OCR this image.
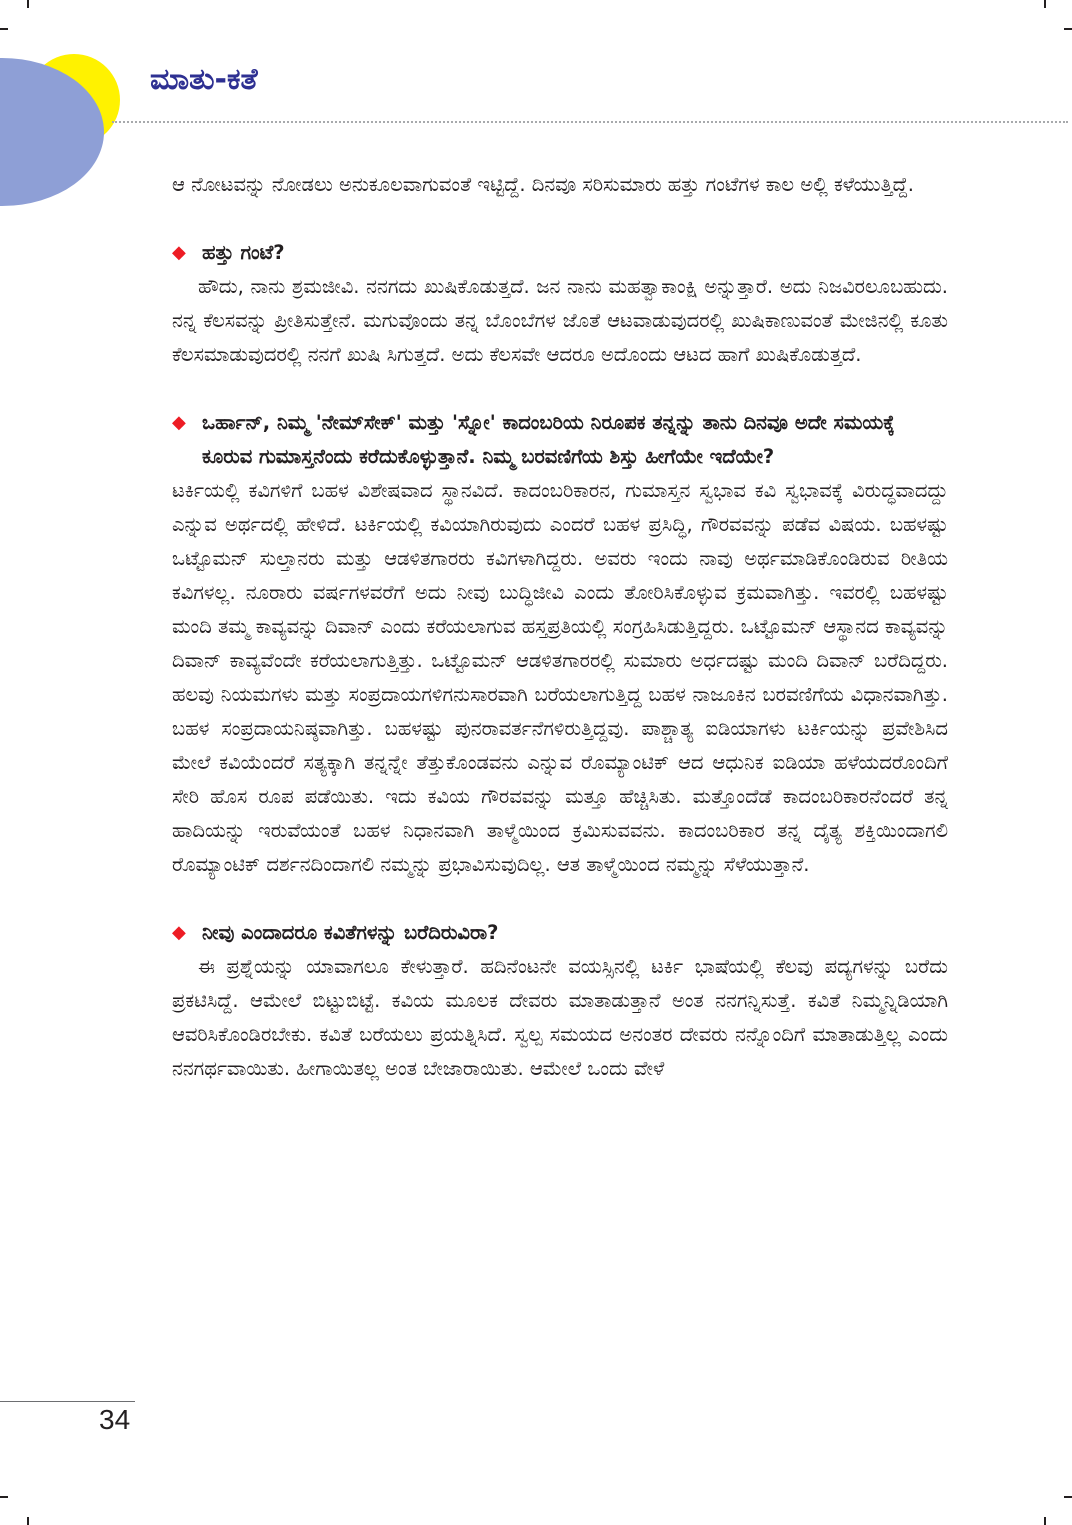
ಮಾತು-ಕತೆ

ಆ ನೋಟವನ್ನು ನೋಡಲು ಅನುಕೂಲವಾಗುವಂತೆ ಇಟ್ಟಿದ್ದೆ. ದಿನವೂ ಸರಿಸುಮಾರು ಹತ್ತು ಗಂಟೆಗಳ ಕಾಲ ಅಲ್ಲಿ ಕಳೆಯುತ್ತಿದ್ದೆ.

◆ ಹತ್ತು ಗಂಟೆ?

ಹೌದು, ನಾನು ಶ್ರಮಜೀವಿ. ನನಗದು ಖುಷಿಕೊಡುತ್ತದೆ. ಜನ ನಾನು ಮಹತ್ವಾಕಾಂಕ್ಷಿ ಅನ್ನುತ್ತಾರೆ. ಅದು ನಿಜವಿರಲೂಬಹುದು. ನನ್ನ ಕೆಲಸವನ್ನು ಪ್ರೀತಿಸುತ್ತೇನೆ. ಮಗುವೊಂದು ತನ್ನ ಬೊಂಬೆಗಳ ಜೊತೆ ಆಟವಾಡುವುದರಲ್ಲಿ ಖುಷಿಕಾಣುವಂತೆ ಮೇಜಿನಲ್ಲಿ ಕೂತು ಕೆಲಸಮಾಡುವುದರಲ್ಲಿ ನನಗೆ ಖುಷಿ ಸಿಗುತ್ತದೆ. ಅದು ಕೆಲಸವೇ ಆದರೂ ಅದೊಂದು ಆಟದ ಹಾಗೆ ಖುಷಿಕೊಡುತ್ತದೆ.

◆ ಒರ್ಹಾನ್, ನಿಮ್ಮ 'ನೇಮ್‌ಸೇಕ್' ಮತ್ತು 'ಸ್ನೋ' ಕಾದಂಬರಿಯ ನಿರೂಪಕ ತನ್ನನ್ನು ತಾನು ದಿನವೂ ಅದೇ ಸಮಯಕ್ಕೆ ಕೂರುವ ಗುಮಾಸ್ತನೆಂದು ಕರೆದುಕೊಳ್ಳುತ್ತಾನೆ. ನಿಮ್ಮ ಬರವಣಿಗೆಯ ಶಿಸ್ತು ಹೀಗೆಯೇ ಇದೆಯೇ?

ಟರ್ಕಿಯಲ್ಲಿ ಕವಿಗಳಿಗೆ ಬಹಳ ವಿಶೇಷವಾದ ಸ್ಥಾನವಿದೆ. ಕಾದಂಬರಿಕಾರನ, ಗುಮಾಸ್ತನ ಸ್ವಭಾವ ಕವಿ ಸ್ವಭಾವಕ್ಕೆ ವಿರುದ್ಧವಾದದ್ದು ಎನ್ನುವ ಅರ್ಥದಲ್ಲಿ ಹೇಳಿದೆ. ಟರ್ಕಿಯಲ್ಲಿ ಕವಿಯಾಗಿರುವುದು ಎಂದರೆ ಬಹಳ ಪ್ರಸಿದ್ಧಿ, ಗೌರವವನ್ನು ಪಡೆವ ವಿಷಯ. ಬಹಳಷ್ಟು ಒಟ್ಟೊಮನ್ ಸುಲ್ತಾನರು ಮತ್ತು ಆಡಳಿತಗಾರರು ಕವಿಗಳಾಗಿದ್ದರು. ಅವರು ಇಂದು ನಾವು ಅರ್ಥಮಾಡಿಕೊಂಡಿರುವ ರೀತಿಯ ಕವಿಗಳಲ್ಲ. ನೂರಾರು ವರ್ಷಗಳವರೆಗೆ ಅದು ನೀವು ಬುದ್ಧಿಜೀವಿ ಎಂದು ತೋರಿಸಿಕೊಳ್ಳುವ ಕ್ರಮವಾಗಿತ್ತು. ಇವರಲ್ಲಿ ಬಹಳಷ್ಟು ಮಂದಿ ತಮ್ಮ ಕಾವ್ಯವನ್ನು ದಿವಾನ್ ಎಂದು ಕರೆಯಲಾಗುವ ಹಸ್ತಪ್ರತಿಯಲ್ಲಿ ಸಂಗ್ರಹಿಸಿಡುತ್ತಿದ್ದರು. ಒಟ್ಟೊಮನ್ ಆಸ್ಥಾನದ ಕಾವ್ಯವನ್ನು ದಿವಾನ್ ಕಾವ್ಯವೆಂದೇ ಕರೆಯಲಾಗುತ್ತಿತ್ತು. ಒಟ್ಟೊಮನ್ ಆಡಳಿತಗಾರರಲ್ಲಿ ಸುಮಾರು ಅರ್ಧದಷ್ಟು ಮಂದಿ ದಿವಾನ್ ಬರೆದಿದ್ದರು. ಹಲವು ನಿಯಮಗಳು ಮತ್ತು ಸಂಪ್ರದಾಯಗಳಿಗನುಸಾರವಾಗಿ ಬರೆಯಲಾಗುತ್ತಿದ್ದ ಬಹಳ ನಾಜೂಕಿನ ಬರವಣಿಗೆಯ ವಿಧಾನವಾಗಿತ್ತು. ಬಹಳ ಸಂಪ್ರದಾಯನಿಷ್ಠವಾಗಿತ್ತು. ಬಹಳಷ್ಟು ಪುನರಾವರ್ತನೆಗಳಿರುತ್ತಿದ್ದವು. ಪಾಶ್ಚಾತ್ಯ ಐಡಿಯಾಗಳು ಟರ್ಕಿಯನ್ನು ಪ್ರವೇಶಿಸಿದ ಮೇಲೆ ಕವಿಯೆಂದರೆ ಸತ್ಯಕ್ಕಾಗಿ ತನ್ನನ್ನೇ ತೆತ್ತುಕೊಂಡವನು ಎನ್ನುವ ರೊಮ್ಯಾಂಟಿಕ್ ಆದ ಆಧುನಿಕ ಐಡಿಯಾ ಹಳೆಯದರೊಂದಿಗೆ ಸೇರಿ ಹೊಸ ರೂಪ ಪಡೆಯಿತು. ಇದು ಕವಿಯ ಗೌರವವನ್ನು ಮತ್ತೂ ಹೆಚ್ಚಿಸಿತು. ಮತ್ತೊಂದೆಡೆ ಕಾದಂಬರಿಕಾರನೆಂದರೆ ತನ್ನ ಹಾದಿಯನ್ನು ಇರುವೆಯಂತೆ ಬಹಳ ನಿಧಾನವಾಗಿ ತಾಳ್ಮೆಯಿಂದ ಕ್ರಮಿಸುವವನು. ಕಾದಂಬರಿಕಾರ ತನ್ನ ದೈತ್ಯ ಶಕ್ತಿಯಿಂದಾಗಲಿ ರೊಮ್ಯಾಂಟಿಕ್ ದರ್ಶನದಿಂದಾಗಲಿ ನಮ್ಮನ್ನು ಪ್ರಭಾವಿಸುವುದಿಲ್ಲ. ಆತ ತಾಳ್ಮೆಯಿಂದ ನಮ್ಮನ್ನು ಸೆಳೆಯುತ್ತಾನೆ.

◆ ನೀವು ಎಂದಾದರೂ ಕವಿತೆಗಳನ್ನು ಬರೆದಿರುವಿರಾ?

ಈ ಪ್ರಶ್ನೆಯನ್ನು ಯಾವಾಗಲೂ ಕೇಳುತ್ತಾರೆ. ಹದಿನೆಂಟನೇ ವಯಸ್ಸಿನಲ್ಲಿ ಟರ್ಕಿ ಭಾಷೆಯಲ್ಲಿ ಕೆಲವು ಪದ್ಯಗಳನ್ನು ಬರೆದು ಪ್ರಕಟಿಸಿದ್ದೆ. ಆಮೇಲೆ ಬಿಟ್ಟುಬಿಟ್ಟೆ. ಕವಿಯ ಮೂಲಕ ದೇವರು ಮಾತಾಡುತ್ತಾನೆ ಅಂತ ನನಗನ್ನಿಸುತ್ತೆ. ಕವಿತೆ ನಿಮ್ಮನ್ನಿಡಿಯಾಗಿ ಆವರಿಸಿಕೊಂಡಿರಬೇಕು. ಕವಿತೆ ಬರೆಯಲು ಪ್ರಯತ್ನಿಸಿದೆ. ಸ್ವಲ್ಪ ಸಮಯದ ಅನಂತರ ದೇವರು ನನ್ನೊಂದಿಗೆ ಮಾತಾಡುತ್ತಿಲ್ಲ ಎಂದು ನನಗರ್ಥವಾಯಿತು. ಹೀಗಾಯಿತಲ್ಲ ಅಂತ ಬೇಜಾರಾಯಿತು. ಆಮೇಲೆ ಒಂದು ವೇಳೆ

34
